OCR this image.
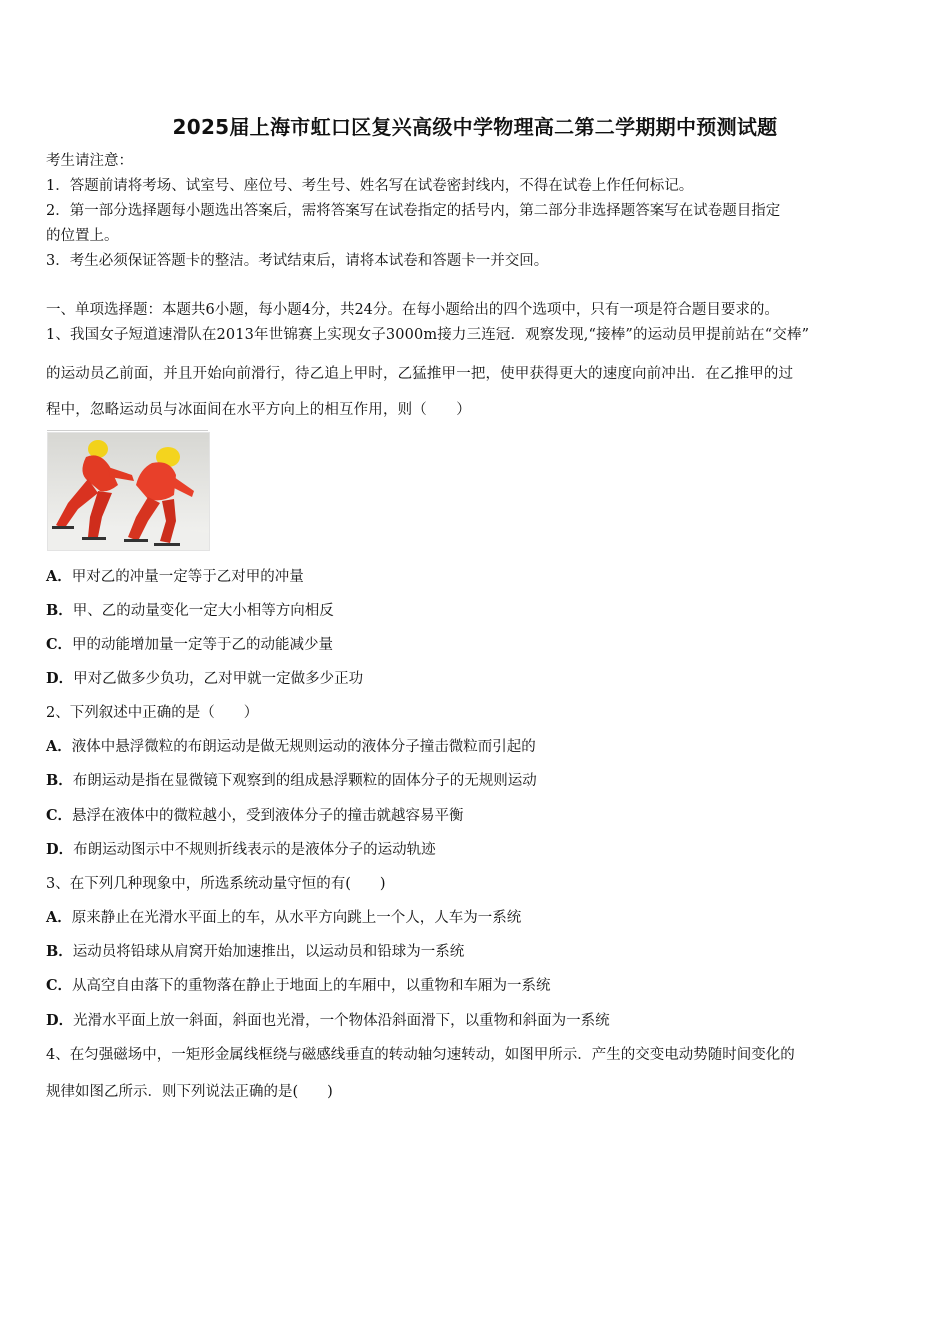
2025届上海市虹口区复兴高级中学物理高二第二学期期中预测试题
考生请注意：
1．答题前请将考场、试室号、座位号、考生号、姓名写在试卷密封线内，不得在试卷上作任何标记。
2．第一部分选择题每小题选出答案后，需将答案写在试卷指定的括号内，第二部分非选择题答案写在试卷题目指定
的位置上。
3．考生必须保证答题卡的整洁。考试结束后，请将本试卷和答题卡一并交回。
一、单项选择题：本题共6小题，每小题4分，共24分。在每小题给出的四个选项中，只有一项是符合题目要求的。
1、我国女子短道速滑队在2013年世锦赛上实现女子3000m接力三连冠．观察发现,“接棒”的运动员甲提前站在“交棒”
的运动员乙前面，并且开始向前滑行，待乙追上甲时，乙猛推甲一把，使甲获得更大的速度向前冲出．在乙推甲的过
程中，忽略运动员与冰面间在水平方向上的相互作用，则（　　）
A．甲对乙的冲量一定等于乙对甲的冲量
B．甲、乙的动量变化一定大小相等方向相反
C．甲的动能增加量一定等于乙的动能减少量
D．甲对乙做多少负功，乙对甲就一定做多少正功
2、下列叙述中正确的是（　　）
A．液体中悬浮微粒的布朗运动是做无规则运动的液体分子撞击微粒而引起的
B．布朗运动是指在显微镜下观察到的组成悬浮颗粒的固体分子的无规则运动
C．悬浮在液体中的微粒越小，受到液体分子的撞击就越容易平衡
D．布朗运动图示中不规则折线表示的是液体分子的运动轨迹
3、在下列几种现象中，所选系统动量守恒的有(　　)
A．原来静止在光滑水平面上的车，从水平方向跳上一个人，人车为一系统
B．运动员将铅球从肩窝开始加速推出，以运动员和铅球为一系统
C．从高空自由落下的重物落在静止于地面上的车厢中，以重物和车厢为一系统
D．光滑水平面上放一斜面，斜面也光滑，一个物体沿斜面滑下，以重物和斜面为一系统
4、在匀强磁场中，一矩形金属线框绕与磁感线垂直的转动轴匀速转动，如图甲所示．产生的交变电动势随时间变化的
规律如图乙所示．则下列说法正确的是(　　)
